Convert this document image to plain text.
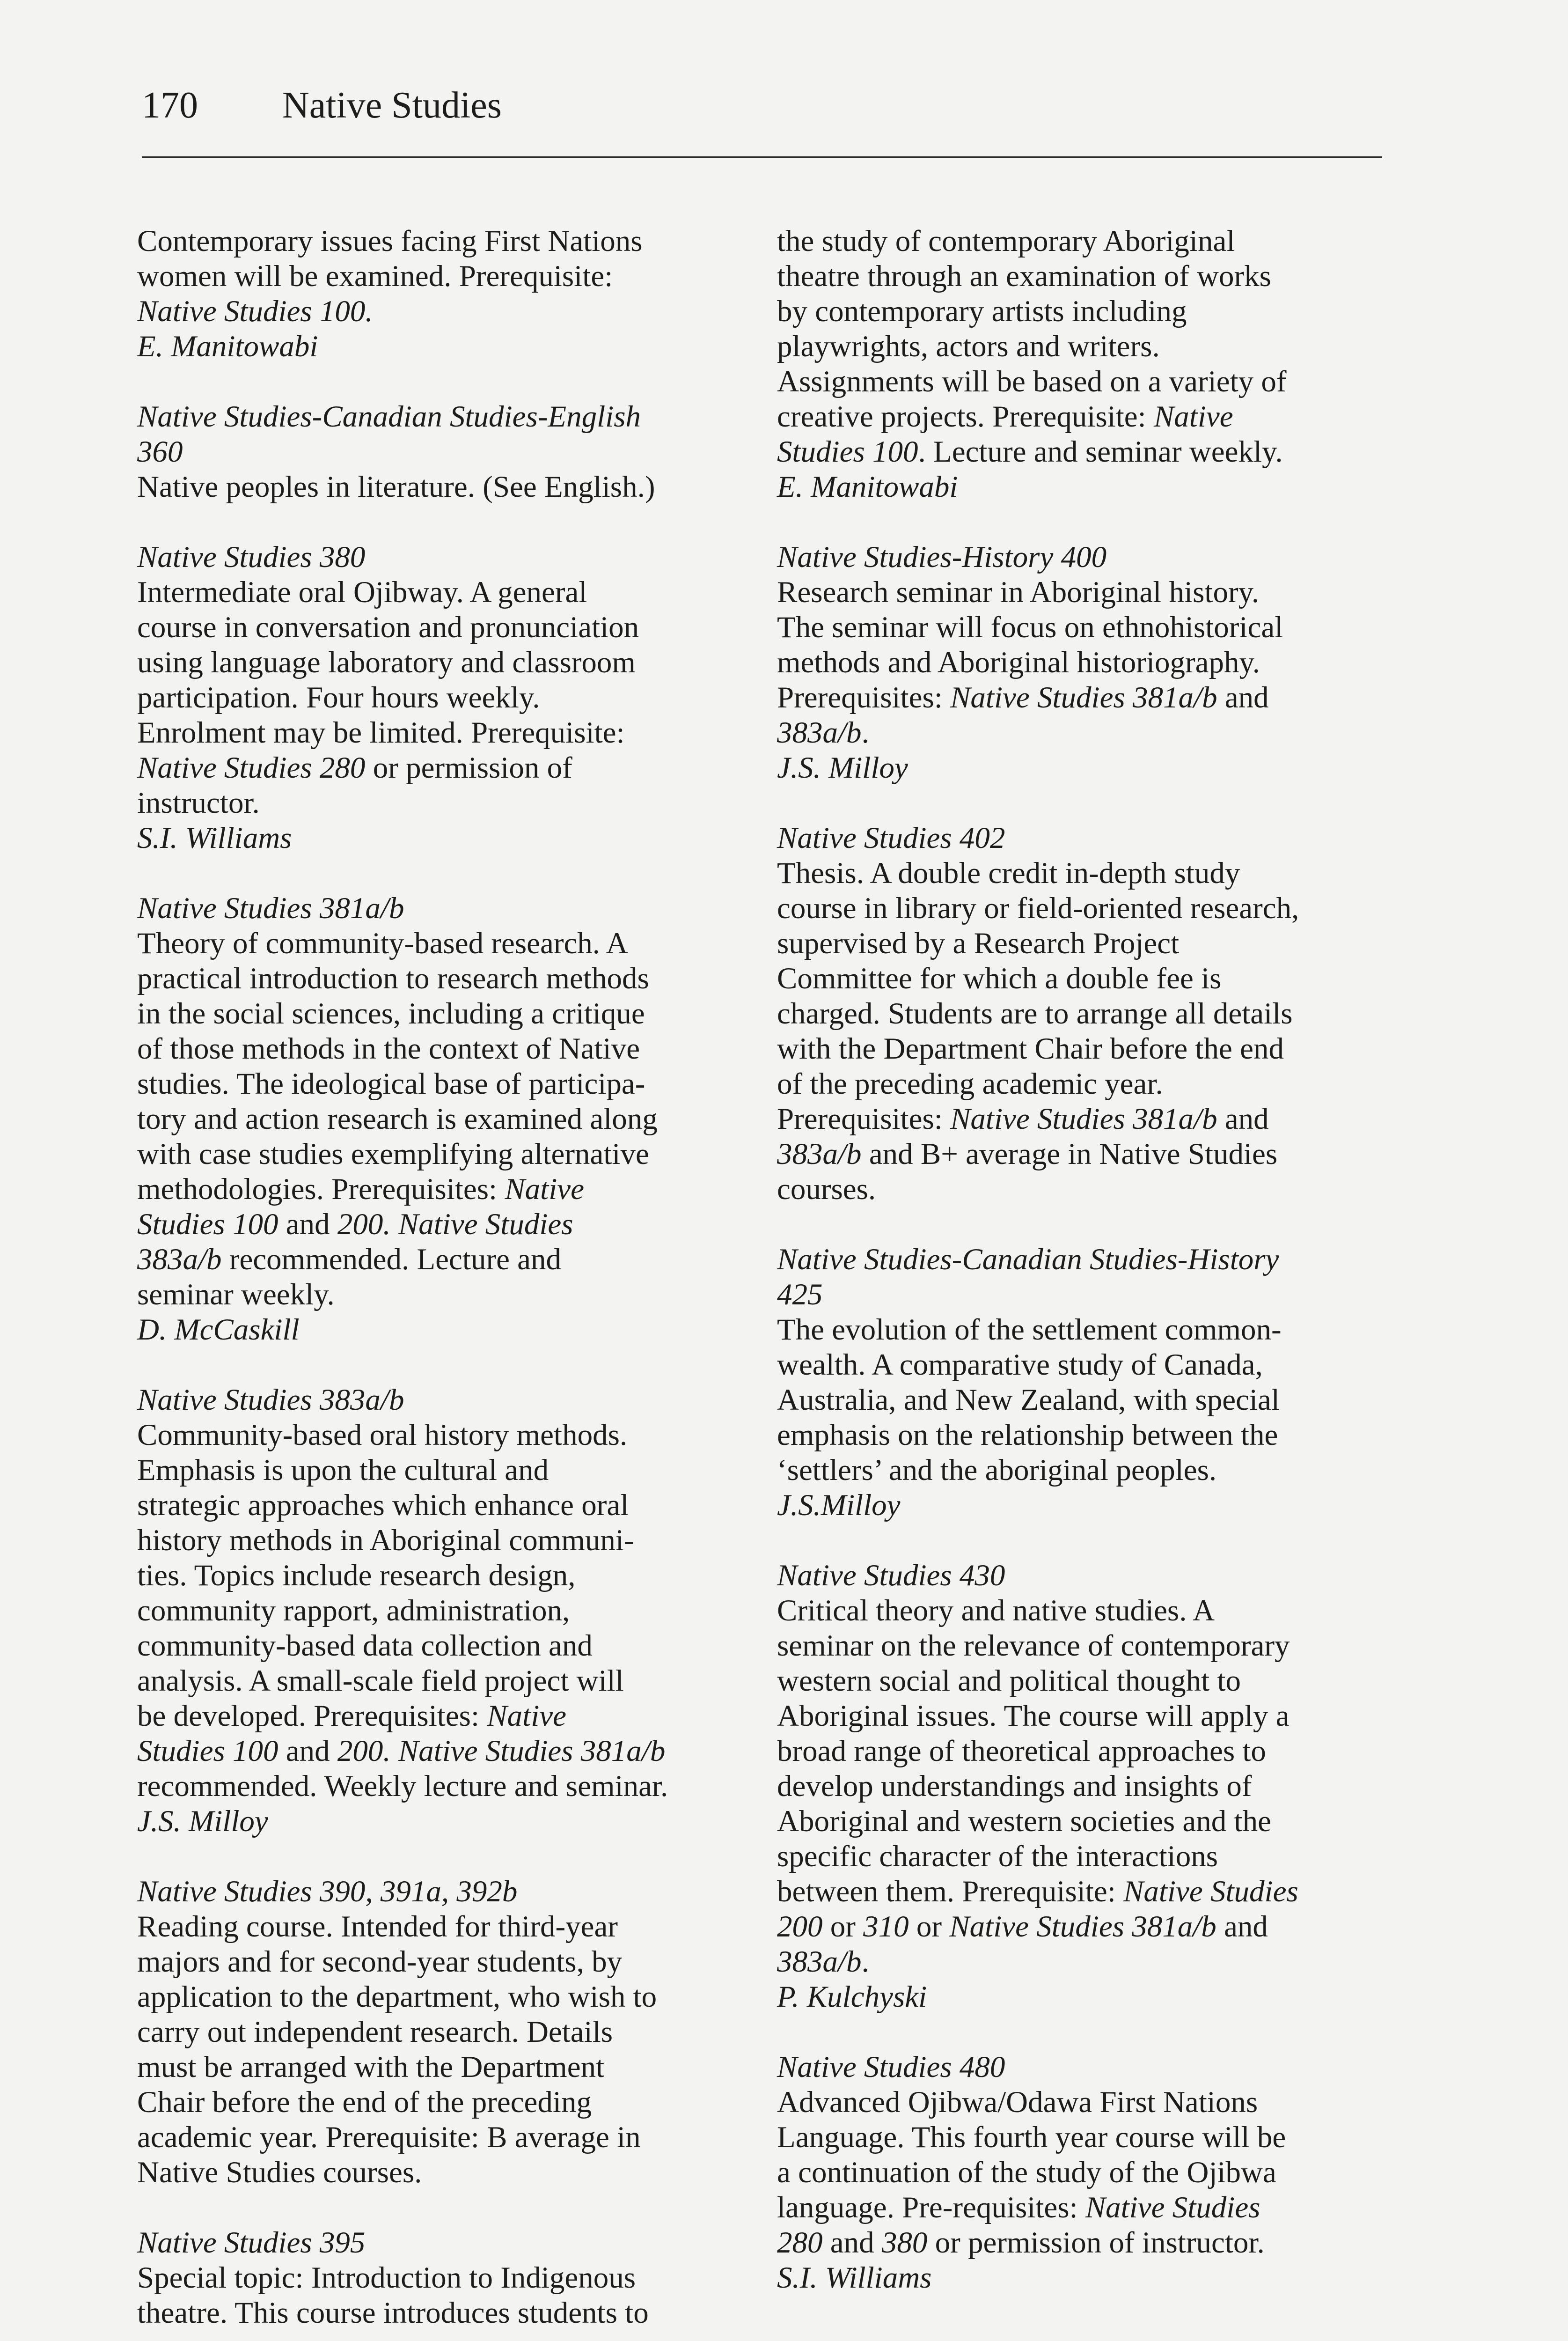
170 Native Studies
Contemporary issues facing First Nations
women will be examined. Prerequisite:
Native Studies 100.
E. Manitowabi
Native Studies-Canadian Studies-English
360
Native peoples in literature. (See English.)
Native Studies 380
Intermediate oral Ojibway. A general
course in conversation and pronunciation
using language laboratory and classroom
participation. Four hours weekly.
Enrolment may be limited. Prerequisite:
Native Studies 280 or permission of
instructor.
S.I. Williams
Native Studies 381a/b
Theory of community-based research. A
practical introduction to research methods
in the social sciences, including a critique
of those methods in the context of Native
studies. The ideological base of participa-
tory and action research is examined along
with case studies exemplifying alternative
methodologies. Prerequisites: Native
Studies 100 and 200. Native Studies
383a/b recommended. Lecture and
seminar weekly.
D. McCaskill
Native Studies 383a/b
Community-based oral history methods.
Emphasis is upon the cultural and
strategic approaches which enhance oral
history methods in Aboriginal communi-
ties. Topics include research design,
community rapport, administration,
community-based data collection and
analysis. A small-scale field project will
be developed. Prerequisites: Native
Studies 100 and 200. Native Studies 381a/b
recommended. Weekly lecture and seminar.
J.S. Milloy
Native Studies 390, 391a, 392b
Reading course. Intended for third-year
majors and for second-year students, by
application to the department, who wish to
carry out independent research. Details
must be arranged with the Department
Chair before the end of the preceding
academic year. Prerequisite: B average in
Native Studies courses.
Native Studies 395
Special topic: Introduction to Indigenous
theatre. This course introduces students to
the study of contemporary Aboriginal
theatre through an examination of works
by contemporary artists including
playwrights, actors and writers.
Assignments will be based on a variety of
creative projects. Prerequisite: Native
Studies 100. Lecture and seminar weekly.
E. Manitowabi
Native Studies-History 400
Research seminar in Aboriginal history.
The seminar will focus on ethnohistorical
methods and Aboriginal historiography.
Prerequisites: Native Studies 381a/b and
383a/b.
J.S. Milloy
Native Studies 402
Thesis. A double credit in-depth study
course in library or field-oriented research,
supervised by a Research Project
Committee for which a double fee is
charged. Students are to arrange all details
with the Department Chair before the end
of the preceding academic year.
Prerequisites: Native Studies 381a/b and
383a/b and B+ average in Native Studies
courses.
Native Studies-Canadian Studies-History
425
The evolution of the settlement common-
wealth. A comparative study of Canada,
Australia, and New Zealand, with special
emphasis on the relationship between the
‘settlers’ and the aboriginal peoples.
J.S.Milloy
Native Studies 430
Critical theory and native studies. A
seminar on the relevance of contemporary
western social and political thought to
Aboriginal issues. The course will apply a
broad range of theoretical approaches to
develop understandings and insights of
Aboriginal and western societies and the
specific character of the interactions
between them. Prerequisite: Native Studies
200 or 310 or Native Studies 381a/b and
383a/b.
P. Kulchyski
Native Studies 480
Advanced Ojibwa/Odawa First Nations
Language. This fourth year course will be
a continuation of the study of the Ojibwa
language. Pre-requisites: Native Studies
280 and 380 or permission of instructor.
S.I. Williams
